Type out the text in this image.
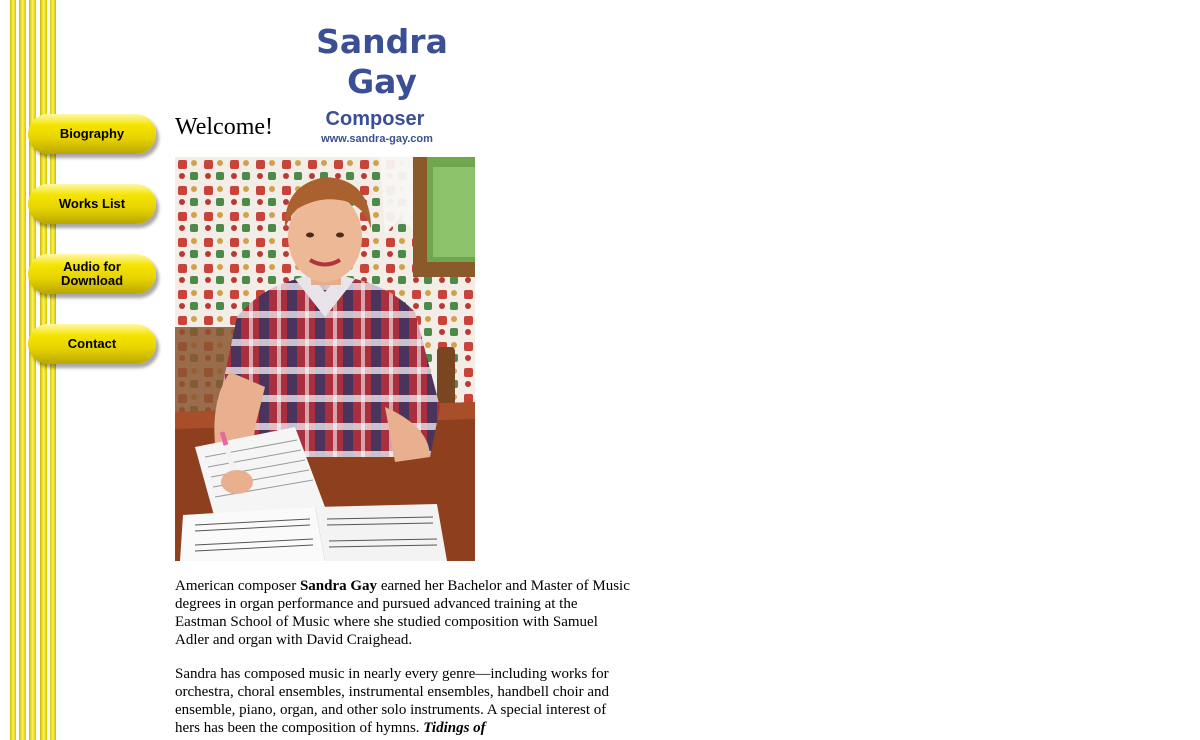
Sandra Gay
Composer
www.sandra-gay.com
Biography
Works List
Audio for
Download
Contact
Welcome!

American composer Sandra Gay earned her Bachelor and Master of Music degrees in organ performance and pursued advanced training at the Eastman School of Music where she studied composition with Samuel Adler and organ with David Craighead.

Sandra has composed music in nearly every genre—including works for orchestra, choral ensembles, instrumental ensembles, handbell choir and ensemble, piano, organ, and other solo instruments. A special interest of hers has been the composition of hymns. Tidings of
